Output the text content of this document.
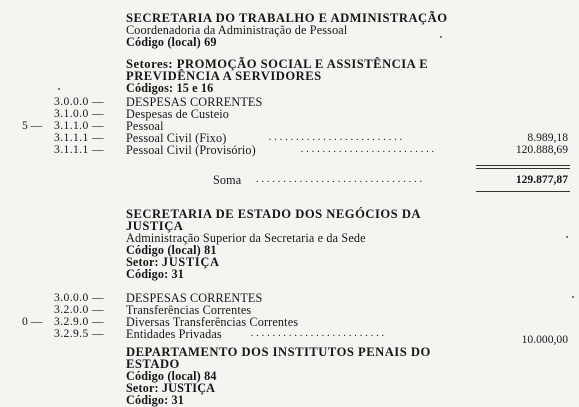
SECRETARIA DO TRABALHO E ADMINISTRAÇÃO
Coordenadoria da Administração de Pessoal
Código (local) 69
Setores: PROMOÇÃO SOCIAL E ASSISTÊNCIA E
PREVIDÊNCIA A SERVIDORES
Códigos: 15 e 16
5 —
3.0.0.0 — DESPESAS CORRENTES
3.1.0.0 — Despesas de Custeio
3.1.1.0 — Pessoal
3.1.1.1 — Pessoal Civil (Fixo)	. . . . . . . . . . . . . . . . . . . . . . . . .	8.989,18
3.1.1.1 — Pessoal Civil (Provisório)	. . . . . . . . . . . . . . . . . . . . . . . . .	120.888,69
Soma . . . . . . . . . . . . . . . . . . . . . . . . . . . . . . .	129.877,87
SECRETARIA DE ESTADO DOS NEGÓCIOS DA
JUSTIÇA
Administração Superior da Secretaria e da Sede
Código (local) 81
Setor: JUSTIÇA
Código: 31
3.0.0.0 — DESPESAS CORRENTES
3.2.0.0 — Transferências Correntes
0 — 3.2.9.0 — Diversas Transferências Correntes
3.2.9.5 — Entidades Privadas . . . . . . . . . . . . . . . . . . . . . . . . .	10.000,00
DEPARTAMENTO DOS INSTITUTOS PENAIS DO
ESTADO
Código (local) 84
Setor: JUSTIÇA
Código: 31
